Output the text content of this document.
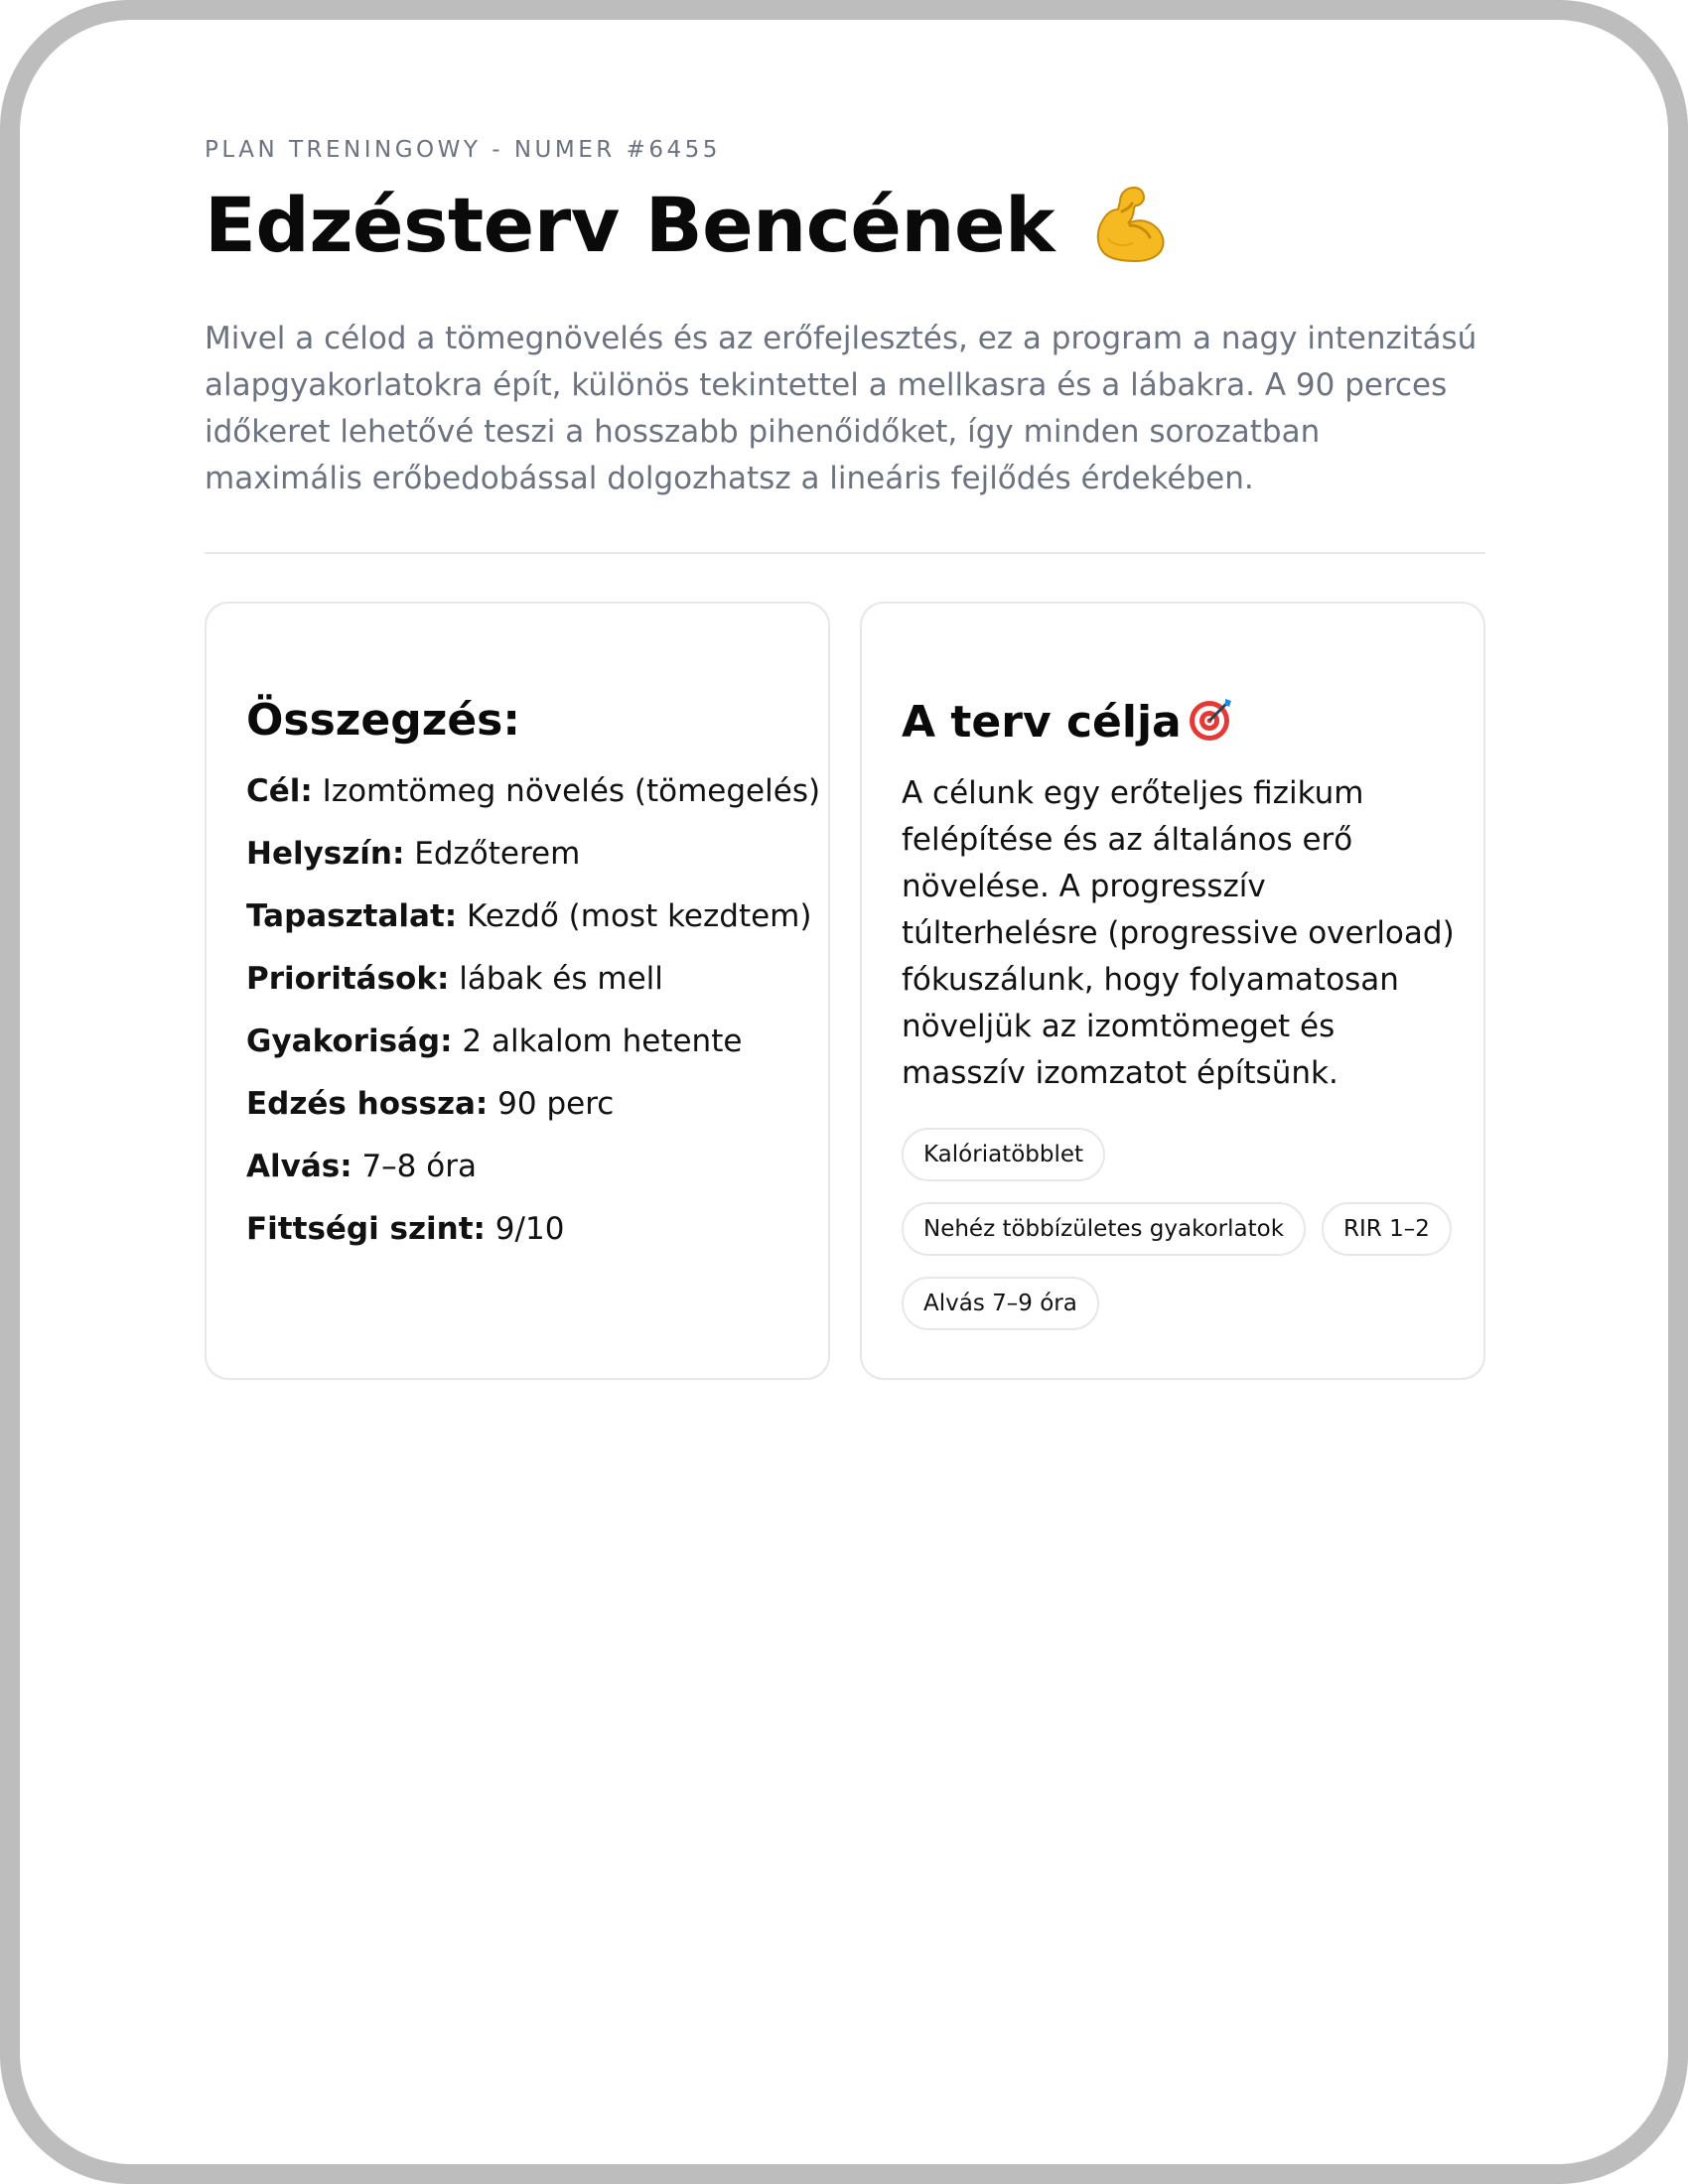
PLAN TRENINGOWY - NUMER #6455
Edzésterv Bencének

Mivel a célod a tömegnövelés és az erőfejlesztés, ez a program a nagy intenzitású alapgyakorlatokra épít, különös tekintettel a mellkasra és a lábakra. A 90 perces időkeret lehetővé teszi a hosszabb pihenőidőket, így minden sorozatban maximális erőbedobással dolgozhatsz a lineáris fejlődés érdekében.

Összegzés:
Cél: Izomtömeg növelés (tömegelés)
Helyszín: Edzőterem
Tapasztalat: Kezdő (most kezdtem)
Prioritások: lábak és mell
Gyakoriság: 2 alkalom hetente
Edzés hossza: 90 perc
Alvás: 7–8 óra
Fittségi szint: 9/10
A terv célja

A célunk egy erőteljes fizikum felépítése és az általános erő növelése. A progresszív túlterhelésre (progressive overload) fókuszálunk, hogy folyamatosan növeljük az izomtömeget és masszív izomzatot építsünk.

Kalóriatöbblet
Nehéz többízületes gyakorlatok	RIR 1–2
Alvás 7–9 óra
